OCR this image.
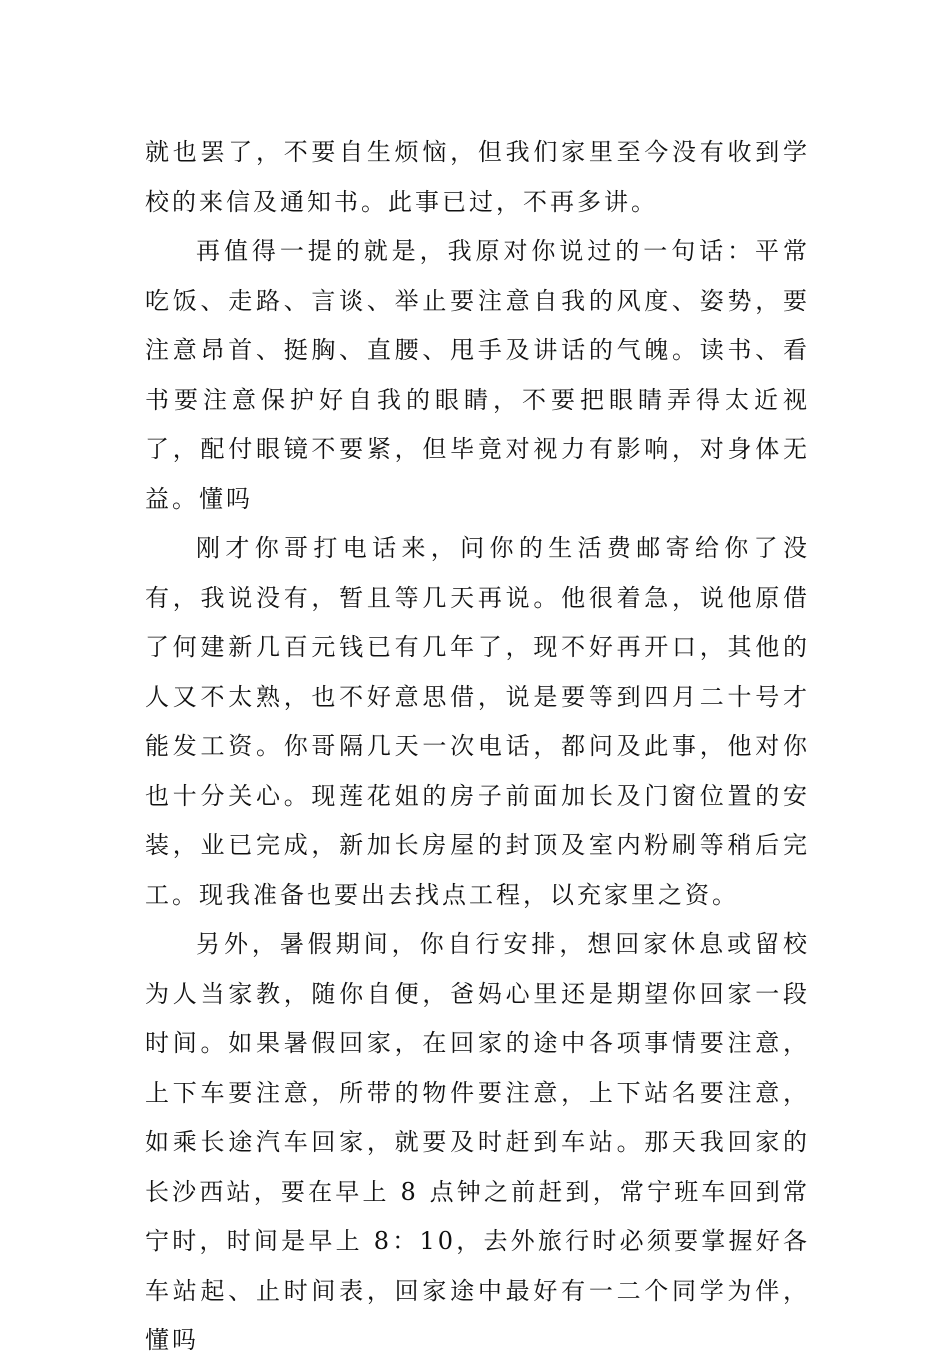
就也罢了，不要自生烦恼，但我们家里至今没有收到学校的来信及通知书。此事已过，不再多讲。

再值得一提的就是，我原对你说过的一句话：平常吃饭、走路、言谈、举止要注意自我的风度、姿势，要注意昂首、挺胸、直腰、甩手及讲话的气魄。读书、看书要注意保护好自我的眼睛，不要把眼睛弄得太近视了，配付眼镜不要紧，但毕竟对视力有影响，对身体无益。懂吗

刚才你哥打电话来，问你的生活费邮寄给你了没有，我说没有，暂且等几天再说。他很着急，说他原借了何建新几百元钱已有几年了，现不好再开口，其他的人又不太熟，也不好意思借，说是要等到四月二十号才能发工资。你哥隔几天一次电话，都问及此事，他对你也十分关心。现莲花姐的房子前面加长及门窗位置的安装，业已完成，新加长房屋的封顶及室内粉刷等稍后完工。现我准备也要出去找点工程，以充家里之资。

另外，暑假期间，你自行安排，想回家休息或留校为人当家教，随你自便，爸妈心里还是期望你回家一段时间。如果暑假回家，在回家的途中各项事情要注意，上下车要注意，所带的物件要注意，上下站名要注意，如乘长途汽车回家，就要及时赶到车站。那天我回家的长沙西站，要在早上 8 点钟之前赶到，常宁班车回到常宁时，时间是早上 8：10，去外旅行时必须要掌握好各车站起、止时间表，回家途中最好有一二个同学为伴，懂吗
